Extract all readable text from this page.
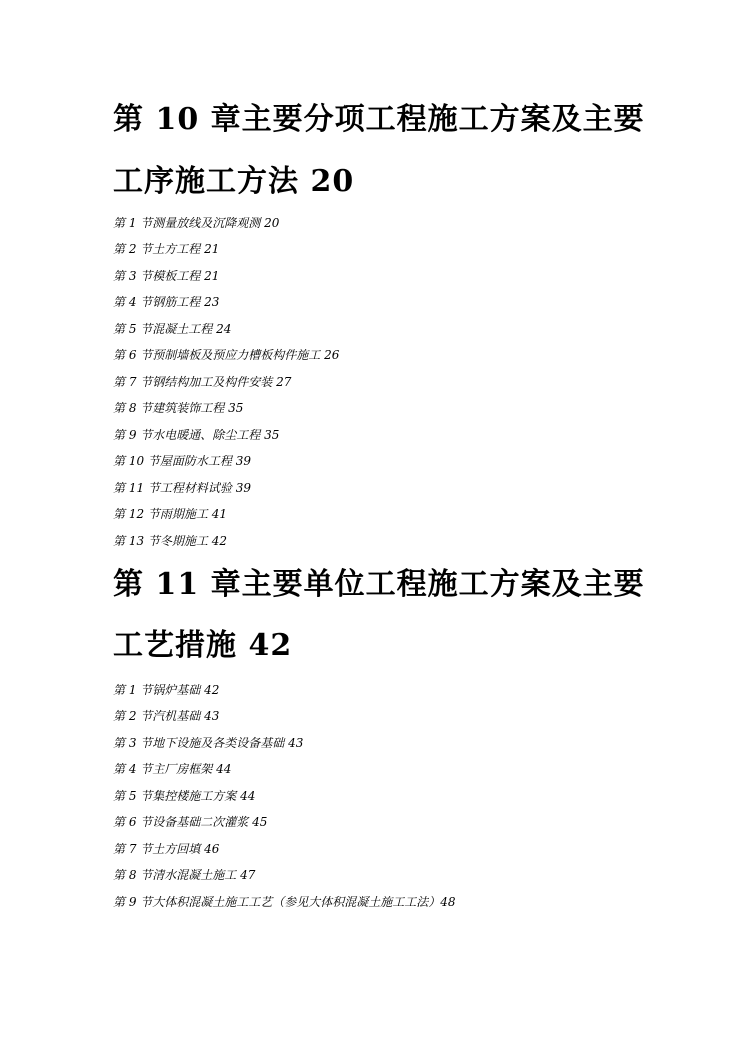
第 10 章主要分项工程施工方案及主要
工序施工方法 20

第 1 节测量放线及沉降观测 20

第 2 节土方工程 21

第 3 节模板工程 21

第 4 节钢筋工程 23

第 5 节混凝土工程 24

第 6 节预制墙板及预应力槽板构件施工 26

第 7 节钢结构加工及构件安装 27

第 8 节建筑装饰工程 35

第 9 节水电暖通、除尘工程 35

第 10 节屋面防水工程 39

第 11 节工程材料试验 39

第 12 节雨期施工 41

第 13 节冬期施工 42

第 11 章主要单位工程施工方案及主要
工艺措施 42

第 1 节锅炉基础 42

第 2 节汽机基础 43

第 3 节地下设施及各类设备基础 43

第 4 节主厂房框架 44

第 5 节集控楼施工方案 44

第 6 节设备基础二次灌浆 45

第 7 节土方回填 46

第 8 节清水混凝土施工 47

第 9 节大体积混凝土施工工艺（参见大体积混凝土施工工法）48
